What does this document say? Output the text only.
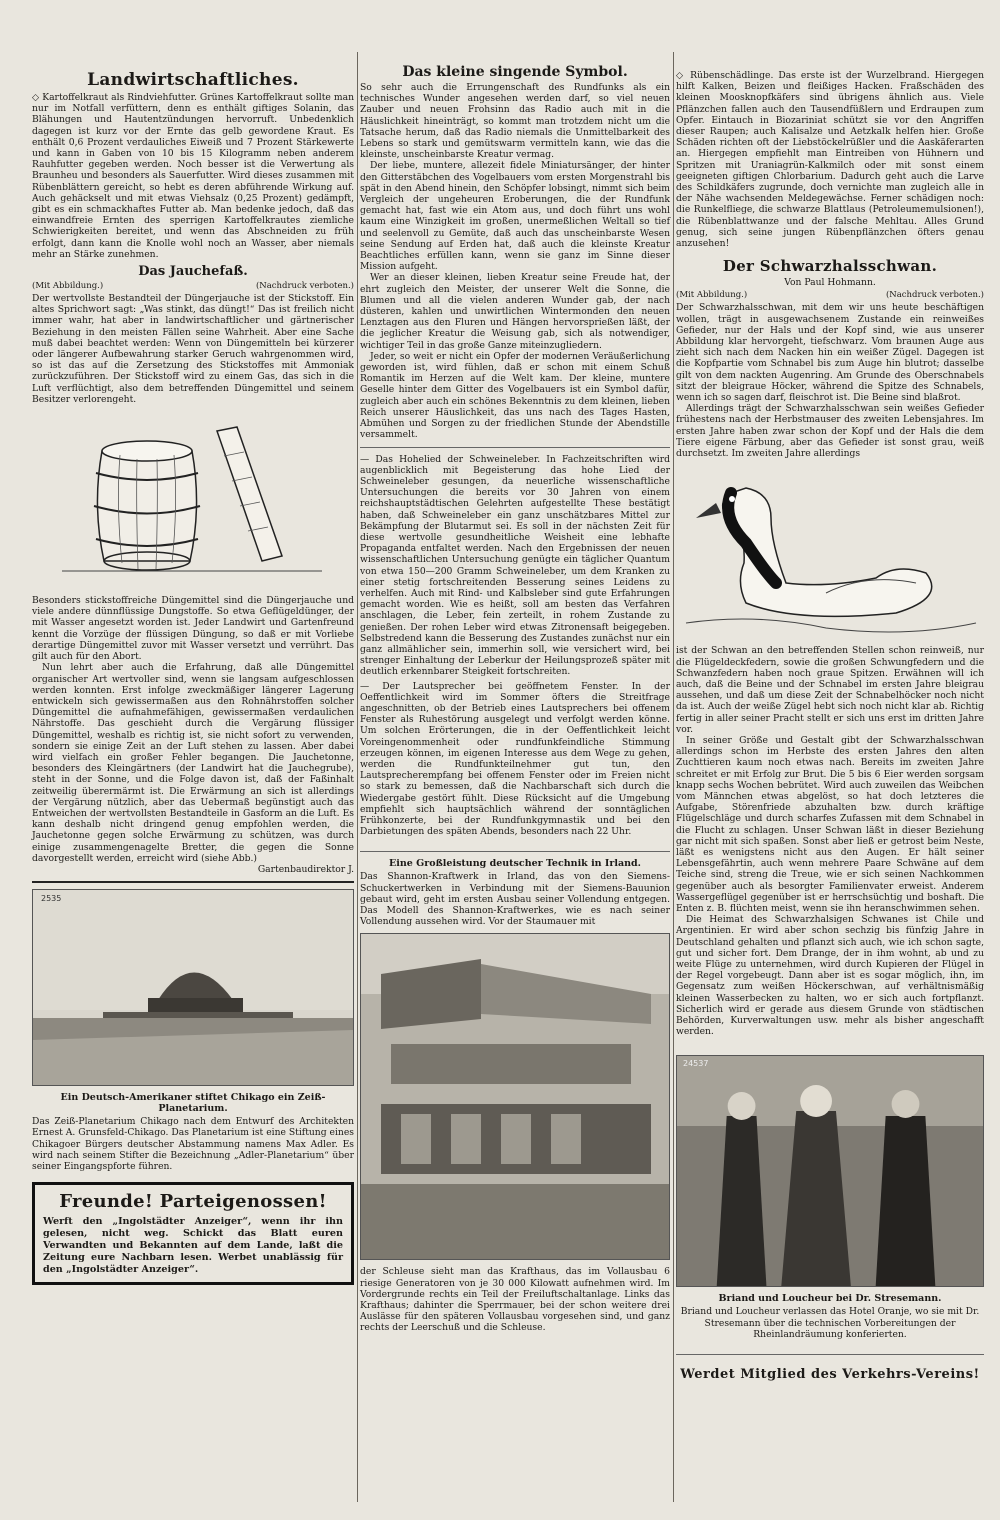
Landwirtschaftliches.

◇ Kartoffelkraut als Rindviehfutter. Grünes Kartoffelkraut sollte man nur im Notfall verfüttern, denn es enthält giftiges Solanin, das Blähungen und Hautentzündungen hervorruft. Unbedenklich dagegen ist kurz vor der Ernte das gelb gewordene Kraut. Es enthält 0,6 Prozent verdauliches Eiweiß und 7 Prozent Stärkewerte und kann in Gaben von 10 bis 15 Kilogramm neben anderem Rauhfutter gegeben werden. Noch besser ist die Verwertung als Braunheu und besonders als Sauerfutter. Wird dieses zusammen mit Rübenblättern gereicht, so hebt es deren abführende Wirkung auf. Auch gehäckselt und mit etwas Viehsalz (0,25 Prozent) gedämpft, gibt es ein schmackhaftes Futter ab. Man bedenke jedoch, daß das einwandfreie Ernten des sperrigen Kartoffelkrautes ziemliche Schwierigkeiten bereitet, und wenn das Abschneiden zu früh erfolgt, dann kann die Knolle wohl noch an Wasser, aber niemals mehr an Stärke zunehmen.

Das Jauchefaß.
(Mit Abbildung.)	(Nachdruck verboten.)

Der wertvollste Bestandteil der Düngerjauche ist der Stickstoff. Ein altes Sprichwort sagt: „Was stinkt, das düngt!“ Das ist freilich nicht immer wahr, hat aber in landwirtschaftlicher und gärtnerischer Beziehung in den meisten Fällen seine Wahrheit. Aber eine Sache muß dabei beachtet werden: Wenn von Düngemitteln bei kürzerer oder längerer Aufbewahrung starker Geruch wahrgenommen wird, so ist das auf die Zersetzung des Stickstoffes mit Ammoniak zurückzuführen. Der Stickstoff wird zu einem Gas, das sich in die Luft verflüchtigt, also dem betreffenden Düngemittel und seinem Besitzer verlorengeht.

Besonders stickstoffreiche Düngemittel sind die Düngerjauche und viele andere dünnflüssige Dungstoffe. So etwa Geflügeldünger, der mit Wasser angesetzt worden ist. Jeder Landwirt und Gartenfreund kennt die Vorzüge der flüssigen Düngung, so daß er mit Vorliebe derartige Düngemittel zuvor mit Wasser versetzt und verrührt. Das gilt auch für den Abort.

Nun lehrt aber auch die Erfahrung, daß alle Düngemittel organischer Art wertvoller sind, wenn sie langsam aufgeschlossen werden konnten. Erst infolge zweckmäßiger längerer Lagerung entwickeln sich gewissermaßen aus den Rohnährstoffen solcher Düngemittel die aufnahmefähigen, gewissermaßen verdaulichen Nährstoffe. Das geschieht durch die Vergärung flüssiger Düngemittel, weshalb es richtig ist, sie nicht sofort zu verwenden, sondern sie einige Zeit an der Luft stehen zu lassen. Aber dabei wird vielfach ein großer Fehler begangen. Die Jauchetonne, besonders des Kleingärtners (der Landwirt hat die Jauchegrube), steht in der Sonne, und die Folge davon ist, daß der Faßinhalt zeitweilig überermärmt ist. Die Erwärmung an sich ist allerdings der Vergärung nützlich, aber das Uebermaß begünstigt auch das Entweichen der wertvollsten Bestandteile in Gasform an die Luft. Es kann deshalb nicht dringend genug empfohlen werden, die Jauchetonne gegen solche Erwärmung zu schützen, was durch einige zusammengenagelte Bretter, die gegen die Sonne davorgestellt werden, erreicht wird (siehe Abb.)

Gartenbaudirektor J.

2535

Ein Deutsch-Amerikaner stiftet Chikago ein Zeiß-Planetarium.

Das Zeiß-Planetarium Chikago nach dem Entwurf des Architekten Ernest A. Grunsfeld-Chikago. Das Planetarium ist eine Stiftung eines Chikagoer Bürgers deutscher Abstammung namens Max Adler. Es wird nach seinem Stifter die Bezeichnung „Adler-Planetarium“ über seiner Eingangspforte führen.

Freunde! Parteigenossen!

Werft den „Ingolstädter Anzeiger“, wenn ihr ihn gelesen, nicht weg. Schickt das Blatt euren Verwandten und Bekannten auf dem Lande, laßt die Zeitung eure Nachbarn lesen. Werbet unablässig für den „Ingolstädter Anzeiger“.

Das kleine singende Symbol.

So sehr auch die Errungenschaft des Rundfunks als ein technisches Wunder angesehen werden darf, so viel neuen Zauber und neuen Frohsinn das Radio auch mit in die Häuslichkeit hineinträgt, so kommt man trotzdem nicht um die Tatsache herum, daß das Radio niemals die Unmittelbarkeit des Lebens so stark und gemütswarm vermitteln kann, wie das die kleinste, unscheinbarste Kreatur vermag.

Der liebe, muntere, allezeit fidele Miniatursänger, der hinter den Gitterstäbchen des Vogelbauers vom ersten Morgenstrahl bis spät in den Abend hinein, den Schöpfer lobsingt, nimmt sich beim Vergleich der ungeheuren Eroberungen, die der Rundfunk gemacht hat, fast wie ein Atom aus, und doch führt uns wohl kaum eine Winzigkeit im großen, unermeßlichen Weltall so tief und seelenvoll zu Gemüte, daß auch das unscheinbarste Wesen seine Sendung auf Erden hat, daß auch die kleinste Kreatur Beachtliches erfüllen kann, wenn sie ganz im Sinne dieser Mission aufgeht.

Wer an dieser kleinen, lieben Kreatur seine Freude hat, der ehrt zugleich den Meister, der unserer Welt die Sonne, die Blumen und all die vielen anderen Wunder gab, der nach düsteren, kahlen und unwirtlichen Wintermonden den neuen Lenztagen aus den Fluren und Hängen hervorsprießen läßt, der die jeglicher Kreatur die Weisung gab, sich als notwendiger, wichtiger Teil in das große Ganze miteinzugliedern.

Jeder, so weit er nicht ein Opfer der modernen Veräußerlichung geworden ist, wird fühlen, daß er schon mit einem Schuß Romantik im Herzen auf die Welt kam. Der kleine, muntere Geselle hinter dem Gitter des Vogelbauers ist ein Symbol dafür, zugleich aber auch ein schönes Bekenntnis zu dem kleinen, lieben Reich unserer Häuslichkeit, das uns nach des Tages Hasten, Abmühen und Sorgen zu der friedlichen Stunde der Abendstille versammelt.

— Das Hohelied der Schweineleber. In Fachzeitschriften wird augenblicklich mit Begeisterung das hohe Lied der Schweineleber gesungen, da neuerliche wissenschaftliche Untersuchungen die bereits vor 30 Jahren von einem reichshauptstädtischen Gelehrten aufgestellte These bestätigt haben, daß Schweineleber ein ganz unschätzbares Mittel zur Bekämpfung der Blutarmut sei. Es soll in der nächsten Zeit für diese wertvolle gesundheitliche Weisheit eine lebhafte Propaganda entfaltet werden. Nach den Ergebnissen der neuen wissenschaftlichen Untersuchung genügte ein täglicher Quantum von etwa 150—200 Gramm Schweineleber, um dem Kranken zu einer stetig fortschreitenden Besserung seines Leidens zu verhelfen. Auch mit Rind- und Kalbsleber sind gute Erfahrungen gemacht worden. Wie es heißt, soll am besten das Verfahren anschlagen, die Leber, fein zerteilt, in rohem Zustande zu genießen. Der rohen Leber wird etwas Zitronensaft beigegeben. Selbstredend kann die Besserung des Zustandes zunächst nur ein ganz allmählicher sein, immerhin soll, wie versichert wird, bei strenger Einhaltung der Leberkur der Heilungsprozeß später mit deutlich erkennbarer Steigkeit fortschreiten.

— Der Lautsprecher bei geöffnetem Fenster. In der Oeffentlichkeit wird im Sommer öfters die Streitfrage angeschnitten, ob der Betrieb eines Lautsprechers bei offenem Fenster als Ruhestörung ausgelegt und verfolgt werden könne. Um solchen Erörterungen, die in der Oeffentlichkeit leicht Voreingenommenheit oder rundfunkfeindliche Stimmung erzeugen können, im eigenen Interesse aus dem Wege zu gehen, werden die Rundfunkteilnehmer gut tun, den Lautsprecherempfang bei offenem Fenster oder im Freien nicht so stark zu bemessen, daß die Nachbarschaft sich durch die Wiedergabe gestört fühlt. Diese Rücksicht auf die Umgebung empfiehlt sich hauptsächlich während der sonntäglichen Frühkonzerte, bei der Rundfunkgymnastik und bei den Darbietungen des späten Abends, besonders nach 22 Uhr.

Eine Großleistung deutscher Technik in Irland.

Das Shannon-Kraftwerk in Irland, das von den Siemens-Schuckertwerken in Verbindung mit der Siemens-Bauunion gebaut wird, geht im ersten Ausbau seiner Vollendung entgegen. Das Modell des Shannon-Kraftwerkes, wie es nach seiner Vollendung aussehen wird. Vor der Staumauer mit

der Schleuse sieht man das Krafthaus, das im Vollausbau 6 riesige Generatoren von je 30 000 Kilowatt aufnehmen wird. Im Vordergrunde rechts ein Teil der Freiluftschaltanlage. Links das Krafthaus; dahinter die Sperrmauer, bei der schon weitere drei Auslässe für den späteren Vollausbau vorgesehen sind, und ganz rechts der Leerschuß und die Schleuse.

◇ Rübenschädlinge. Das erste ist der Wurzelbrand. Hiergegen hilft Kalken, Beizen und fleißiges Hacken. Fraßschäden des kleinen Moosknopfkäfers sind übrigens ähnlich aus. Viele Pflänzchen fallen auch den Tausendfüßlern und Erdraupen zum Opfer. Eintauch in Biozariniat schützt sie vor den Angriffen dieser Raupen; auch Kalisalze und Aetzkalk helfen hier. Große Schäden richten oft der Liebstöckelrüßler und die Aaskäferarten an. Hiergegen empfiehlt man Eintreiben von Hühnern und Spritzen mit Uraniagrün-Kalkmilch oder mit sonst einem geeigneten giftigen Chlorbarium. Dadurch geht auch die Larve des Schildkäfers zugrunde, doch vernichte man zugleich alle in der Nähe wachsenden Meldegewächse. Ferner schädigen noch: die Runkelfliege, die schwarze Blattlaus (Petroleumemulsionen!), die Rübenblattwanze und der falsche Mehltau. Alles Grund genug, sich seine jungen Rübenpflänzchen öfters genau anzusehen!

Der Schwarzhalsschwan.

Von Paul Hohmann.

(Mit Abbildung.)	(Nachdruck verboten.)

Der Schwarzhalsschwan, mit dem wir uns heute beschäftigen wollen, trägt in ausgewachsenem Zustande ein reinweißes Gefieder, nur der Hals und der Kopf sind, wie aus unserer Abbildung klar hervorgeht, tiefschwarz. Vom braunen Auge aus zieht sich nach dem Nacken hin ein weißer Zügel. Dagegen ist die Kopfpartie vom Schnabel bis zum Auge hin blutrot; dasselbe gilt von dem nackten Augenring. Am Grunde des Oberschnabels sitzt der bleigraue Höcker, während die Spitze des Schnabels, wenn ich so sagen darf, fleischrot ist. Die Beine sind blaßrot.

Allerdings trägt der Schwarzhalsschwan sein weißes Gefieder frühestens nach der Herbstmauser des zweiten Lebensjahres. Im ersten Jahre haben zwar schon der Kopf und der Hals die dem Tiere eigene Färbung, aber das Gefieder ist sonst grau, weiß durchsetzt. Im zweiten Jahre allerdings

ist der Schwan an den betreffenden Stellen schon reinweiß, nur die Flügeldeckfedern, sowie die großen Schwungfedern und die Schwanzfedern haben noch graue Spitzen. Erwähnen will ich auch, daß die Beine und der Schnabel im ersten Jahre bleigrau aussehen, und daß um diese Zeit der Schnabelhöcker noch nicht da ist. Auch der weiße Zügel hebt sich noch nicht klar ab. Richtig fertig in aller seiner Pracht stellt er sich uns erst im dritten Jahre vor.

In seiner Größe und Gestalt gibt der Schwarzhalsschwan allerdings schon im Herbste des ersten Jahres den alten Zuchttieren kaum noch etwas nach. Bereits im zweiten Jahre schreitet er mit Erfolg zur Brut. Die 5 bis 6 Eier werden sorgsam knapp sechs Wochen bebrütet. Wird auch zuweilen das Weibchen vom Männchen etwas abgelöst, so hat doch letzteres die Aufgabe, Störenfriede abzuhalten bzw. durch kräftige Flügelschläge und durch scharfes Zufassen mit dem Schnabel in die Flucht zu schlagen. Unser Schwan läßt in dieser Beziehung gar nicht mit sich spaßen. Sonst aber ließ er getrost beim Neste, läßt es wenigstens nicht aus den Augen. Er hält seiner Lebensgefährtin, auch wenn mehrere Paare Schwäne auf dem Teiche sind, streng die Treue, wie er sich seinen Nachkommen gegenüber auch als besorgter Familienvater erweist. Anderem Wassergeflügel gegenüber ist er herrschsüchtig und boshaft. Die Enten z. B. flüchten meist, wenn sie ihn heranschwimmen sehen.

Die Heimat des Schwarzhalsigen Schwanes ist Chile und Argentinien. Er wird aber schon sechzig bis fünfzig Jahre in Deutschland gehalten und pflanzt sich auch, wie ich schon sagte, gut und sicher fort. Dem Drange, der in ihm wohnt, ab und zu weite Flüge zu unternehmen, wird durch Kupieren der Flügel in der Regel vorgebeugt. Dann aber ist es sogar möglich, ihn, im Gegensatz zum weißen Höckerschwan, auf verhältnismäßig kleinen Wasserbecken zu halten, wo er sich auch fortpflanzt. Sicherlich wird er gerade aus diesem Grunde von städtischen Behörden, Kurverwaltungen usw. mehr als bisher angeschafft werden.

24537

Briand und Loucheur bei Dr. Stresemann.

Briand und Loucheur verlassen das Hotel Oranje, wo sie mit Dr. Stresemann über die technischen Vorbereitungen der Rheinlandräumung konferierten.

Werdet Mitglied des Verkehrs-Vereins!
